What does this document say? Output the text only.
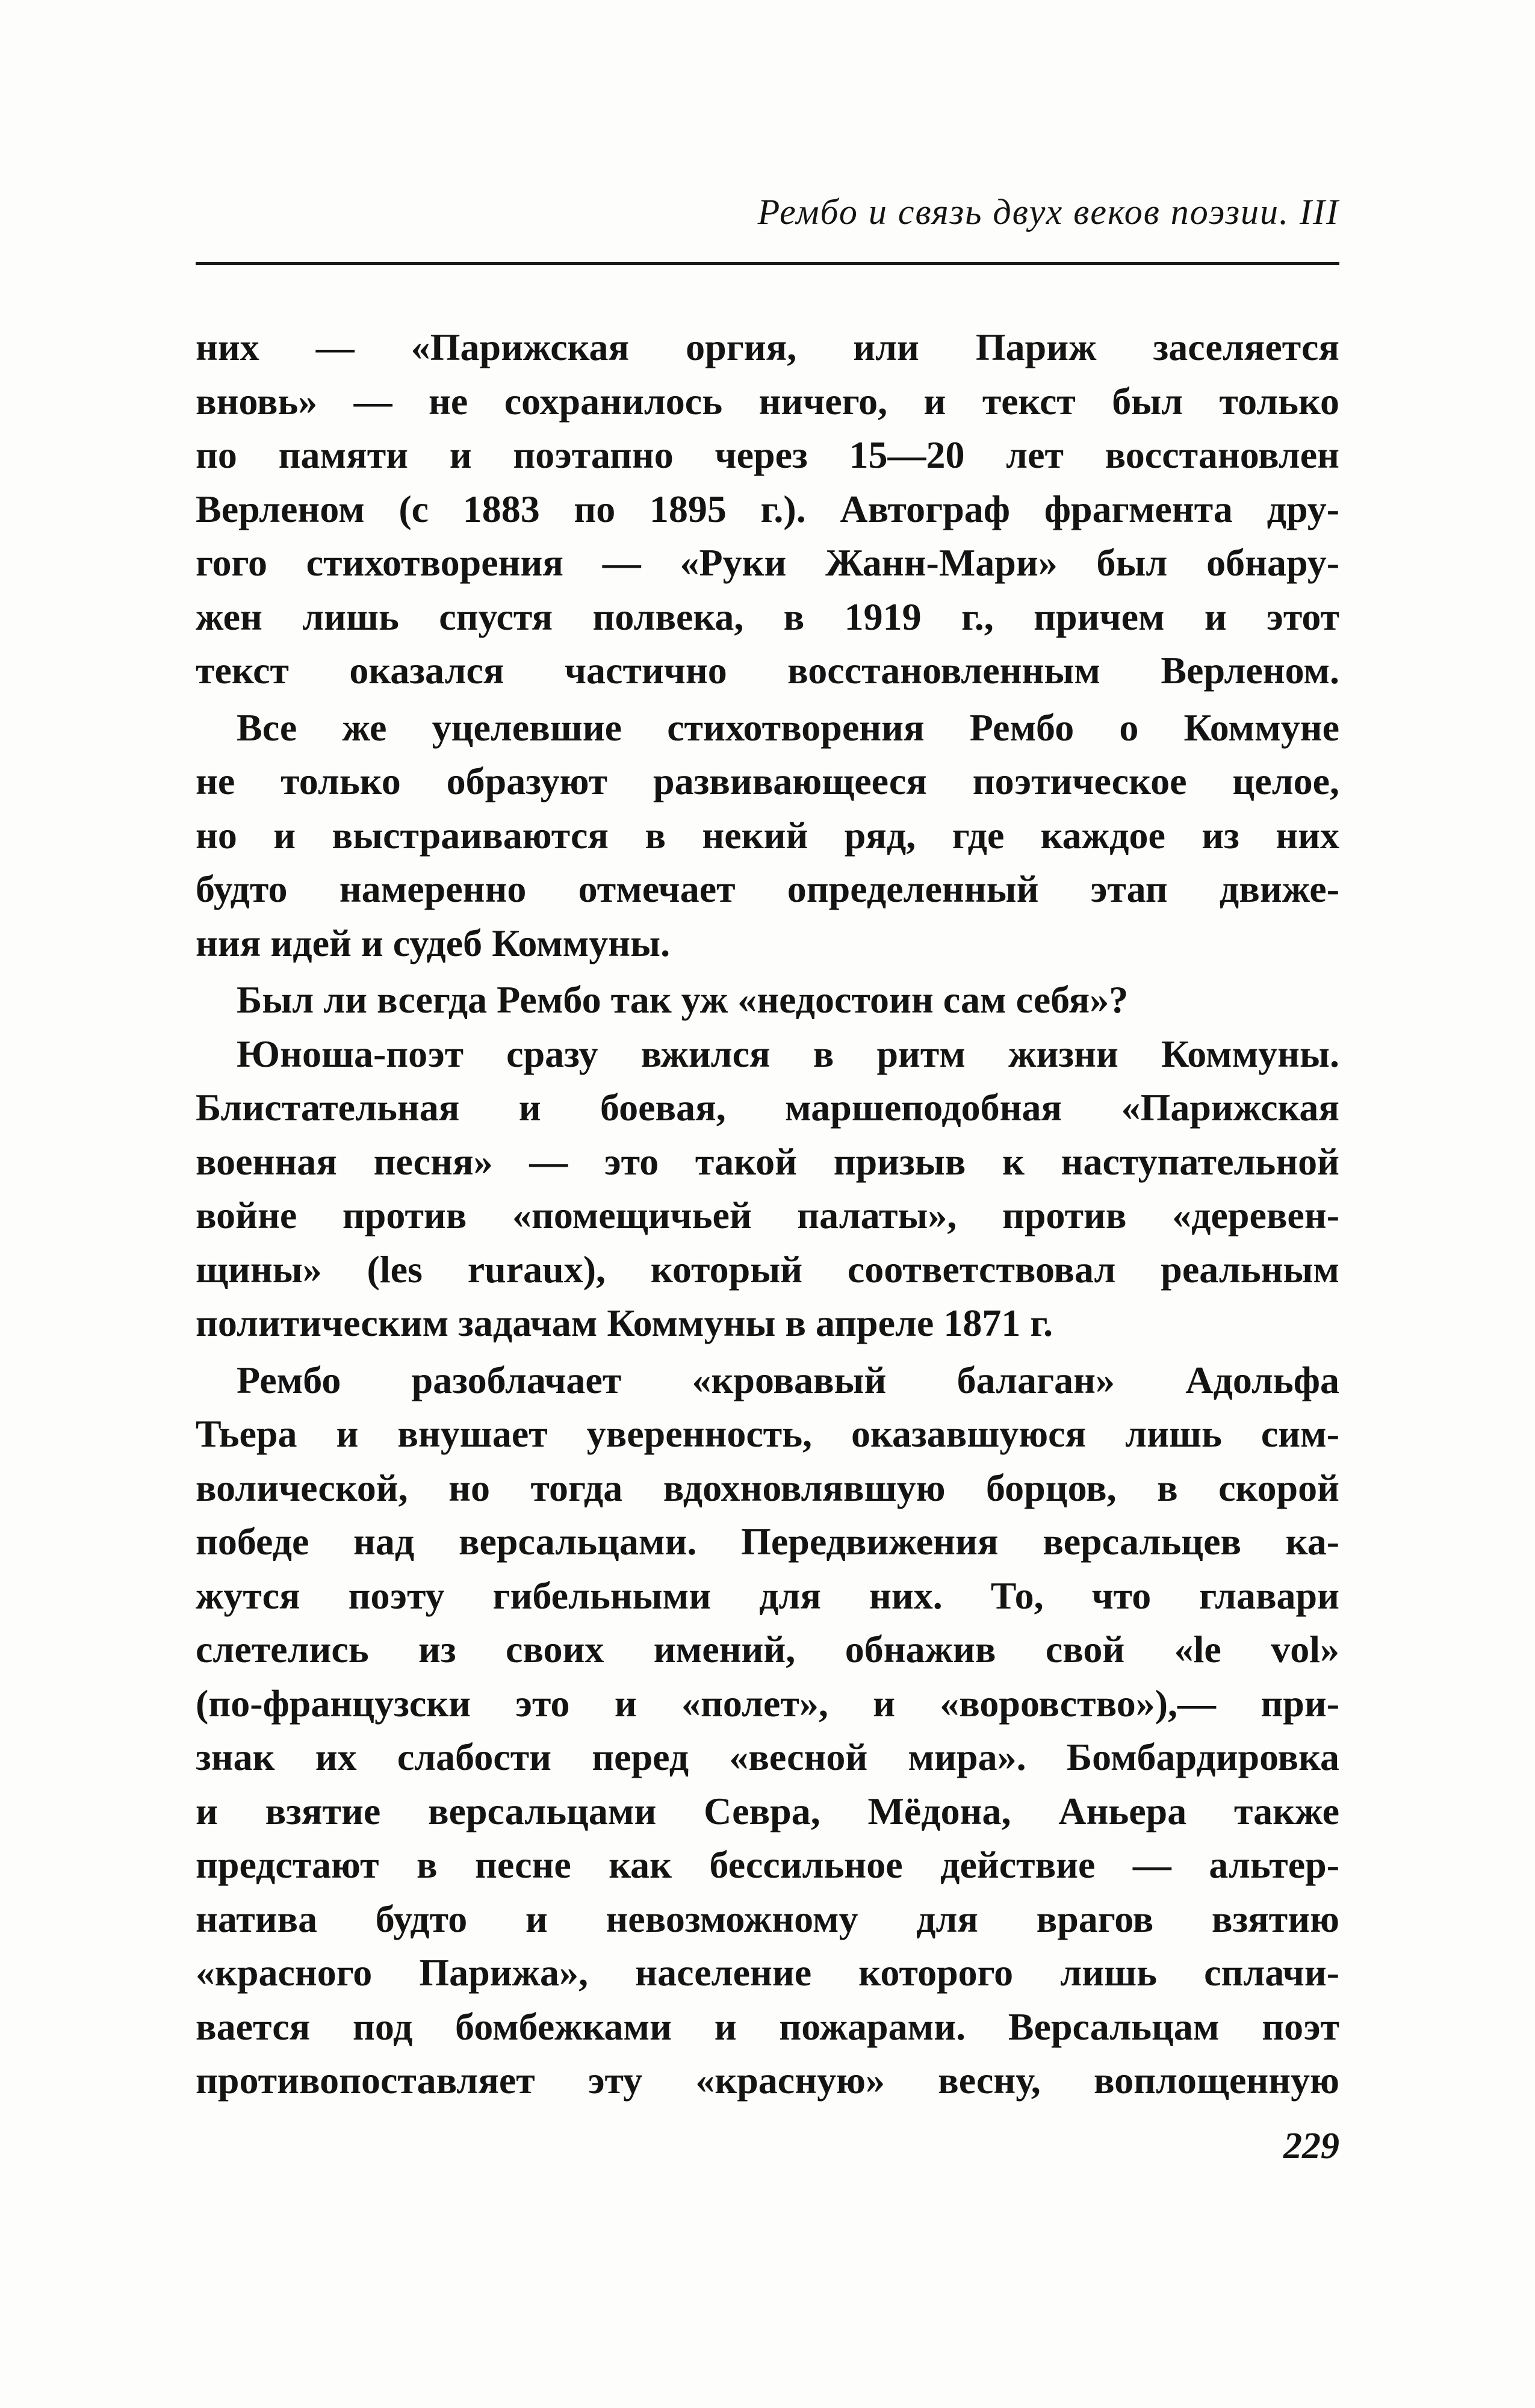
Рембо и связь двух веков поэзии. III
них — «Парижская оргия, или Париж заселяется
вновь» — не сохранилось ничего, и текст был только
по памяти и поэтапно через 15—20 лет восстановлен
Верленом (с 1883 по 1895 г.). Автограф фрагмента дру-
гого стихотворения — «Руки Жанн-Мари» был обнару-
жен лишь спустя полвека, в 1919 г., причем и этот
текст оказался частично восстановленным Верленом.
Все же уцелевшие стихотворения Рембо о Коммуне
не только образуют развивающееся поэтическое целое,
но и выстраиваются в некий ряд, где каждое из них
будто намеренно отмечает определенный этап движе-
ния идей и судеб Коммуны.
Был ли всегда Рембо так уж «недостоин сам себя»?
Юноша-поэт сразу вжился в ритм жизни Коммуны.
Блистательная и боевая, маршеподобная «Парижская
военная песня» — это такой призыв к наступательной
войне против «помещичьей палаты», против «деревен-
щины» (les ruraux), который соответствовал реальным
политическим задачам Коммуны в апреле 1871 г.
Рембо разоблачает «кровавый балаган» Адольфа
Тьера и внушает уверенность, оказавшуюся лишь сим-
волической, но тогда вдохновлявшую борцов, в скорой
победе над версальцами. Передвижения версальцев ка-
жутся поэту гибельными для них. То, что главари
слетелись из своих имений, обнажив свой «le vol»
(по-французски это и «полет», и «воровство»),— при-
знак их слабости перед «весной мира». Бомбардировка
и взятие версальцами Севра, Мёдона, Аньера также
предстают в песне как бессильное действие — альтер-
натива будто и невозможному для врагов взятию
«красного Парижа», население которого лишь сплачи-
вается под бомбежками и пожарами. Версальцам поэт
противопоставляет эту «красную» весну, воплощенную
229
